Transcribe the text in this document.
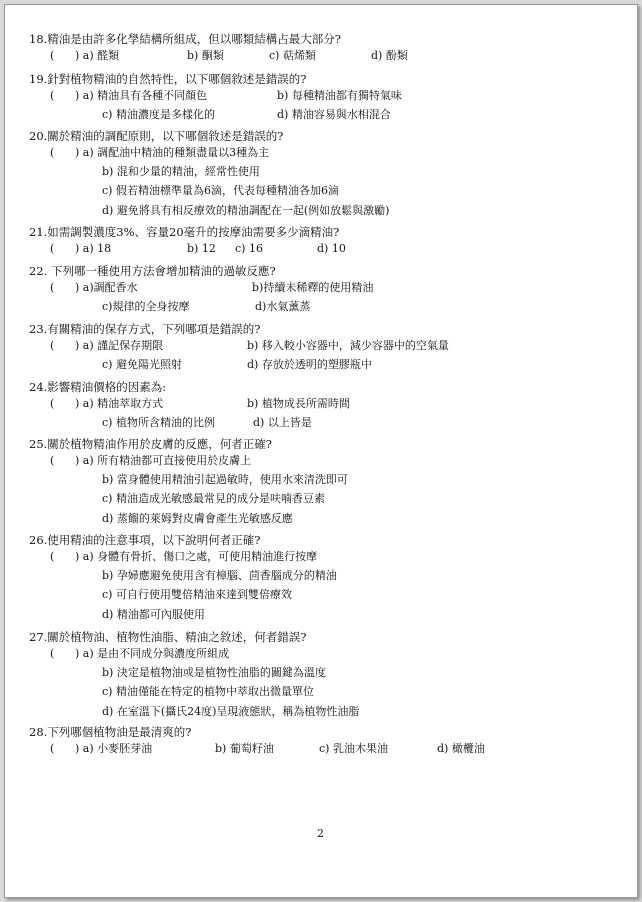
18.精油是由許多化學結構所組成，但以哪類結構占最大部分?
( ) a) 醛類	b) 酮類	c) 萜烯類	d) 酚類
19.針對植物精油的自然特性，以下哪個敘述是錯誤的?
( ) a) 精油具有各種不同顏色	b) 每種精油都有獨特氣味
c) 精油濃度是多樣化的	d) 精油容易與水相混合
20.關於精油的調配原則，以下哪個敘述是錯誤的?
( ) a) 調配油中精油的種類盡量以3種為主
b) 混和少量的精油，經常性使用
c) 假若精油標準量為6滴，代表每種精油各加6滴
d) 避免將具有相反療效的精油調配在一起(例如放鬆與激勵)
21.如需調製濃度3%、容量20毫升的按摩油需要多少滴精油?
( ) a) 18	b) 12 c) 16	d) 10
22. 下列哪一種使用方法會增加精油的過敏反應?
( ) a)調配香水	b)持續未稀釋的使用精油
c)規律的全身按摩	d)水氣薰蒸
23.有關精油的保存方式，下列哪項是錯誤的?
( ) a) 謹記保存期限	b) 移入較小容器中，減少容器中的空氣量
c) 避免陽光照射	d) 存放於透明的塑膠瓶中
24.影響精油價格的因素為:
( ) a) 精油萃取方式	b) 植物成長所需時間
c) 植物所含精油的比例	d) 以上皆是
25.關於植物精油作用於皮膚的反應，何者正確?
( ) a) 所有精油都可直接使用於皮膚上
b) 當身體使用精油引起過敏時，使用水來清洗即可
c) 精油造成光敏感最常見的成分是呋喃香豆素
d) 蒸餾的萊姆對皮膚會產生光敏感反應
26.使用精油的注意事項，以下說明何者正確?
( ) a) 身體有骨折、傷口之處，可使用精油進行按摩
b) 孕婦應避免使用含有樟腦、茴香腦成分的精油
c) 可自行使用雙倍精油來達到雙倍療效
d) 精油都可內服使用
27.關於植物油、植物性油脂、精油之敘述，何者錯誤?
( ) a) 是由不同成分與濃度所組成
b) 決定是植物油或是植物性油脂的關鍵為溫度
c) 精油僅能在特定的植物中萃取出微量單位
d) 在室溫下(攝氏24度)呈現液態狀，稱為植物性油脂
28.下列哪個植物油是最清爽的?
( ) a) 小麥胚芽油	b) 葡萄籽油	c) 乳油木果油	d) 橄欖油
2
